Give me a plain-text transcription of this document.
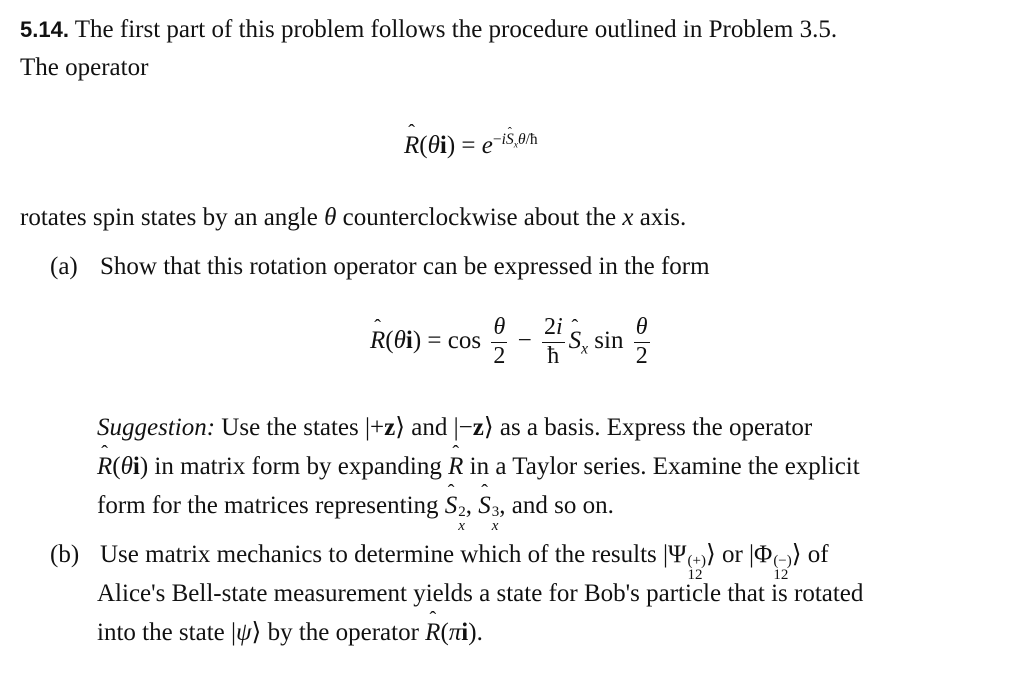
5.14. The first part of this problem follows the procedure outlined in Problem 3.5.
The operator
ˆ $R(\theta i) = e^{-iˆ S_x\theta/ħ}$
rotates spin states by an angle θ counterclockwise about the x axis.
(a) Show that this rotation operator can be expressed in the form
ˆ $R(\theta i) = \cos \frac{\theta}{2} - \frac{2i}{ħ}$ ˆ $S_x$ $\sin \frac{\theta}{2}$
Suggestion: Use the states |+z⟩ and |−z⟩ as a basis. Express the operator
ˆ R(θi) in matrix form by expanding ˆ R in a Taylor series. Examine the explicit
form for the matrices representing ˆ S 2
x
, ˆ S 3
x
, and so on.
(b) Use matrix mechanics to determine which of the results |Ψ (+)
12
⟩ or |Φ (−)
12
⟩ of
Alice's Bell-state measurement yields a state for Bob's particle that is rotated
into the state |ψ⟩ by the operator ˆ R(πi).
